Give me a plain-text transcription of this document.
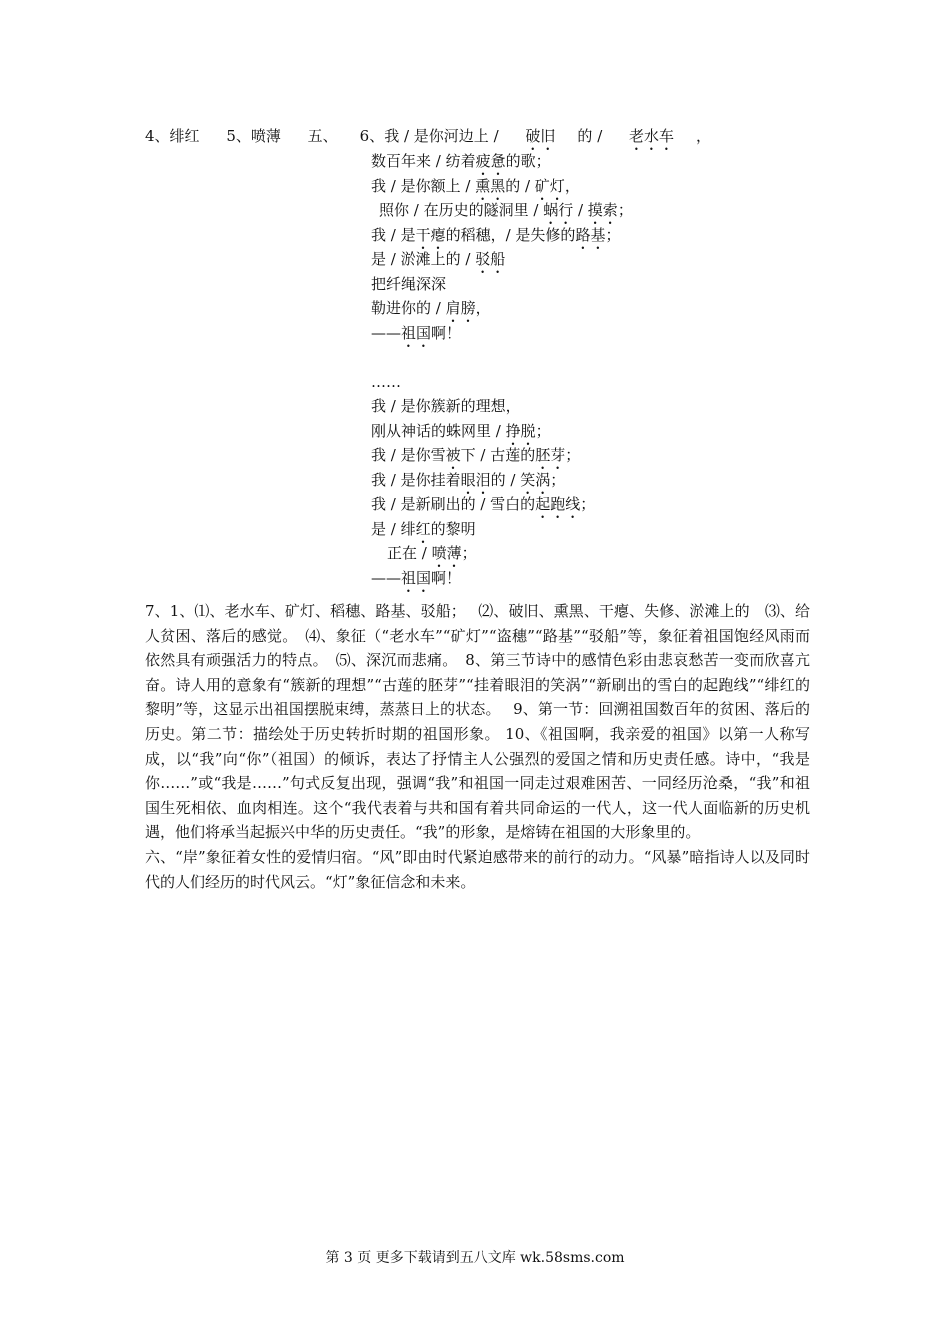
4、绯红 5、喷薄 五、 6、我 / 是你河边上 / 破旧 的 / 老水车 ，
数百年来 / 纺着疲惫的歌；
我 / 是你额上 / 熏黑的 / 矿灯，
照你 / 在历史的隧洞里 / 蜗行 / 摸索；
我 / 是干瘪的稻穗，/ 是失修的路基；
是 / 淤滩上的 / 驳船
把纤绳深深
勒进你的 / 肩膀，
——祖国啊！
……
我 / 是你簇新的理想，
刚从神话的蛛网里 / 挣脱；
我 / 是你雪被下 / 古莲的胚芽；
我 / 是你挂着眼泪的 / 笑涡；
我 / 是新刷出的 / 雪白的起跑线；
是 / 绯红的黎明
正在 / 喷薄；
——祖国啊！

7、1、⑴、老水车、矿灯、稻穗、路基、驳船；　 ⑵、破旧、熏黑、干瘪、失修、淤滩上的　⑶、给人贫困、落后的感觉。　⑷、象征（“老水车”“矿灯”“盗穗”“路基”“驳船”等，象征着祖国饱经风雨而依然具有顽强活力的特点。　⑸、深沉而悲痛。　8、第三节诗中的感情色彩由悲哀愁苦一变而欣喜亢奋。诗人用的意象有“簇新的理想”“古莲的胚芽”“挂着眼泪的笑涡”“新刷出的雪白的起跑线”“绯红的黎明”等，这显示出祖国摆脱束缚，蒸蒸日上的状态。　 9、第一节：回溯祖国数百年的贫困、落后的历史。第二节：描绘处于历史转折时期的祖国形象。 10、《祖国啊，我亲爱的祖国》以第一人称写成，以“我”向“你”（祖国）的倾诉，表达了抒情主人公强烈的爱国之情和历史责任感。诗中，“我是你……”或“我是……”句式反复出现，强调“我”和祖国一同走过艰难困苦、一同经历沧桑，“我”和祖国生死相依、血肉相连。这个“我代表着与共和国有着共同命运的一代人，这一代人面临新的历史机遇，他们将承当起振兴中华的历史责任。“我”的形象，是熔铸在祖国的大形象里的。

六、“岸”象征着女性的爱情归宿。“风”即由时代紧迫感带来的前行的动力。“风暴”暗指诗人以及同时代的人们经历的时代风云。“灯”象征信念和未来。

第 3 页 更多下载请到五八文库 wk.58sms.com
